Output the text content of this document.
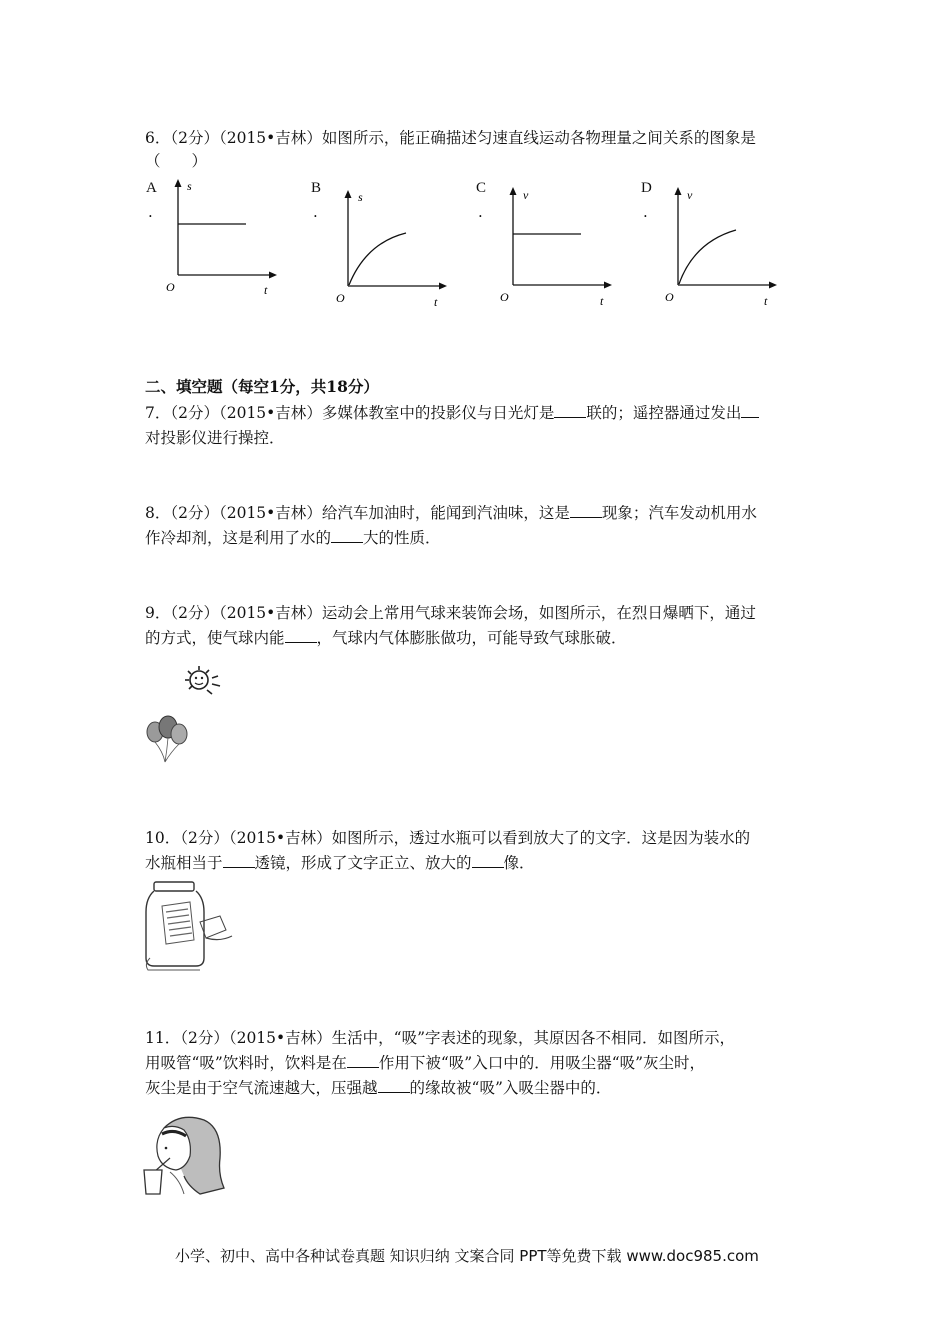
6．（2分）（2015•吉林）如图所示，能正确描述匀速直线运动各物理量之间关系的图象是
（　　）
A
.
s
t
O
B
.
s
t
O
C
.
v
t
O
D
.
v
t
O
二、填空题（每空1分，共18分）
7．（2分）（2015•吉林）多媒体教室中的投影仪与日光灯是 联的；遥控器通过发出
对投影仪进行操控．
8．（2分）（2015•吉林）给汽车加油时，能闻到汽油味，这是 现象；汽车发动机用水
作冷却剂，这是利用了水的 大的性质．
9．（2分）（2015•吉林）运动会上常用气球来装饰会场，如图所示，在烈日爆晒下，通过
的方式，使气球内能 ，气球内气体膨胀做功，可能导致气球胀破．
10．（2分）（2015•吉林）如图所示，透过水瓶可以看到放大了的文字．这是因为装水的
水瓶相当于 透镜，形成了文字正立、放大的 像．
11．（2分）（2015•吉林）生活中，“吸”字表述的现象，其原因各不相同．如图所示，
用吸管“吸”饮料时，饮料是在 作用下被“吸”入口中的．用吸尘器“吸”灰尘时，
灰尘是由于空气流速越大，压强越 的缘故被“吸”入吸尘器中的．
小学、初中、高中各种试卷真题 知识归纳 文案合同 PPT等免费下载 www.doc985.com
